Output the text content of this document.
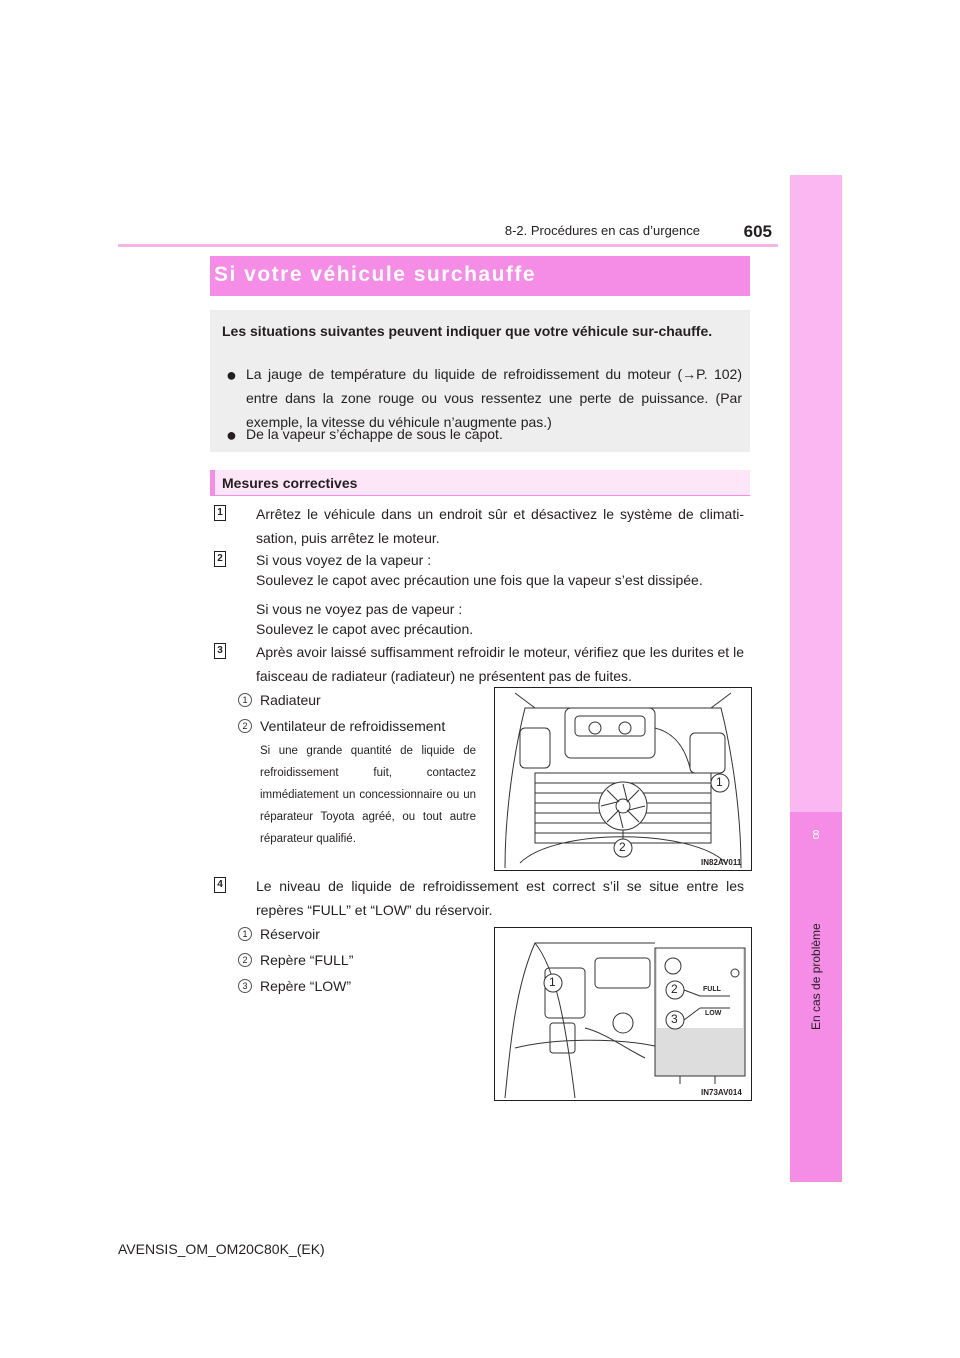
8-2. Procédures en cas d’urgence	605
8
En cas de problème
Si votre véhicule surchauffe
Les situations suivantes peuvent indiquer que votre véhicule sur-chauffe.
● La jauge de température du liquide de refroidissement du moteur (→P. 102) entre dans la zone rouge ou vous ressentez une perte de puissance. (Par exemple, la vitesse du véhicule n’augmente pas.)
● De la vapeur s’échappe de sous le capot.
Mesures correctives
1 Arrêtez le véhicule dans un endroit sûr et désactivez le système de climati-sation, puis arrêtez le moteur.
2 Si vous voyez de la vapeur :
Soulevez le capot avec précaution une fois que la vapeur s’est dissipée.
Si vous ne voyez pas de vapeur :
Soulevez le capot avec précaution.
3 Après avoir laissé suffisamment refroidir le moteur, vérifiez que les durites et le faisceau de radiateur (radiateur) ne présentent pas de fuites.
1 Radiateur
2 Ventilateur de refroidissement
Si une grande quantité de liquide de refroidissement fuit, contactez immédiatement un concessionnaire ou un réparateur Toyota agréé, ou tout autre réparateur qualifié.
1
2
IN82AV011
4 Le niveau de liquide de refroidissement est correct s’il se situe entre les repères “FULL” et “LOW” du réservoir.
1 Réservoir
2 Repère “FULL”
3 Repère “LOW”	1	2
3
FULL
LOW
IN73AV014
AVENSIS_OM_OM20C80K_(EK)
